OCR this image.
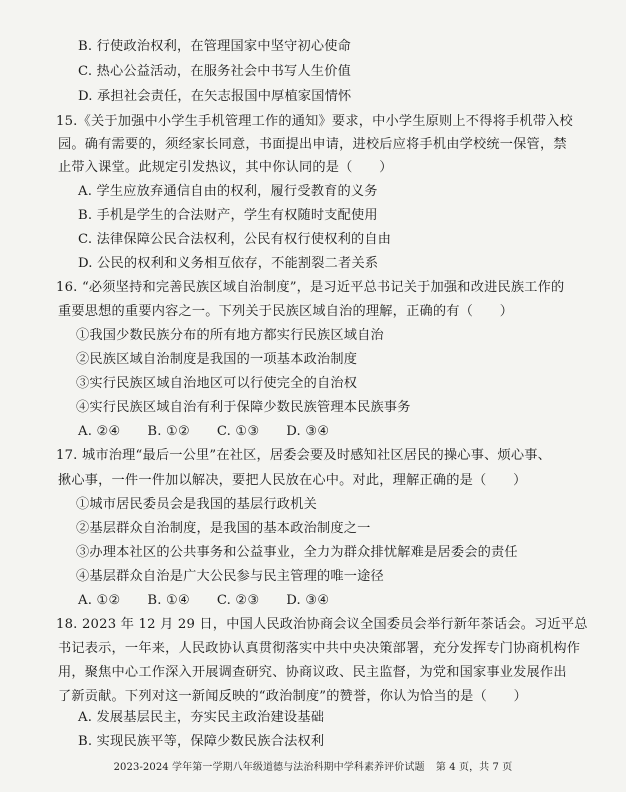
B. 行使政治权利，在管理国家中坚守初心使命
C. 热心公益活动，在服务社会中书写人生价值
D. 承担社会责任，在矢志报国中厚植家国情怀
15.《关于加强中小学生手机管理工作的通知》要求，中小学生原则上不得将手机带入校
园。确有需要的，须经家长同意，书面提出申请，进校后应将手机由学校统一保管，禁
止带入课堂。此规定引发热议，其中你认同的是（　　）
A. 学生应放弃通信自由的权利，履行受教育的义务
B. 手机是学生的合法财产，学生有权随时支配使用
C. 法律保障公民合法权利，公民有权行使权利的自由
D. 公民的权利和义务相互依存，不能割裂二者关系
16. “必须坚持和完善民族区域自治制度”，是习近平总书记关于加强和改进民族工作的
重要思想的重要内容之一。下列关于民族区域自治的理解，正确的有（　　）
①我国少数民族分布的所有地方都实行民族区域自治
②民族区域自治制度是我国的一项基本政治制度
③实行民族区域自治地区可以行使完全的自治权
④实行民族区域自治有利于保障少数民族管理本民族事务
A. ②④　　B. ①②　　C. ①③　　D. ③④
17. 城市治理“最后一公里”在社区，居委会要及时感知社区居民的操心事、烦心事、
揪心事，一件一件加以解决，要把人民放在心中。对此，理解正确的是（　　）
①城市居民委员会是我国的基层行政机关
②基层群众自治制度，是我国的基本政治制度之一
③办理本社区的公共事务和公益事业，全力为群众排忧解难是居委会的责任
④基层群众自治是广大公民参与民主管理的唯一途径
A. ①②　　B. ①④　　C. ②③　　D. ③④
18. 2023 年 12 月 29 日，中国人民政治协商会议全国委员会举行新年茶话会。习近平总
书记表示，一年来，人民政协认真贯彻落实中共中央决策部署，充分发挥专门协商机构作
用，聚焦中心工作深入开展调查研究、协商议政、民主监督，为党和国家事业发展作出
了新贡献。下列对这一新闻反映的“政治制度”的赞誉，你认为恰当的是（　　）
A. 发展基层民主，夯实民主政治建设基础
2023-2024 学年第一学期八年级道德与法治科期中学科素养评价试题 第 4 页，共 7 页
B. 实现民族平等，保障少数民族合法权利
